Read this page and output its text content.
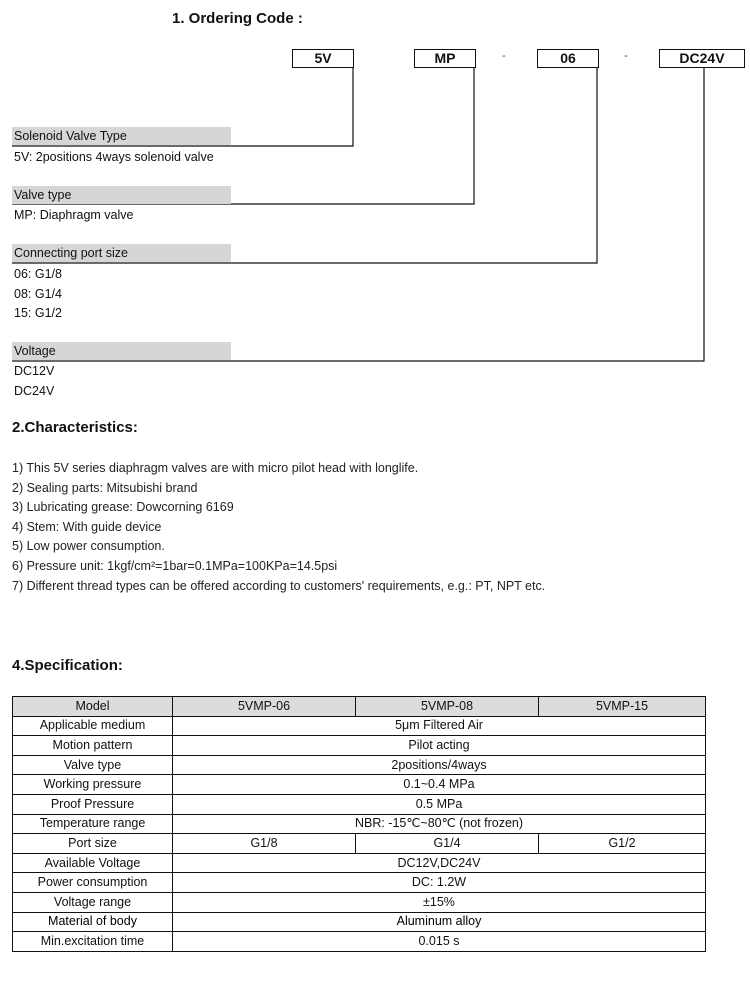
1. Ordering Code :
5V	MP	-	06	-	DC24V
Solenoid Valve Type
5V: 2positions 4ways solenoid valve
Valve type
MP: Diaphragm valve
Connecting port size
06: G1/8
08: G1/4
15: G1/2
Voltage
DC12V
DC24V
2.Characteristics:
1) This 5V series diaphragm valves are with micro pilot head with longlife.
2) Sealing parts: Mitsubishi brand
3) Lubricating grease: Dowcorning 6169
4) Stem: With guide device
5) Low power consumption.
6) Pressure unit: 1kgf/cm²=1bar=0.1MPa=100KPa=14.5psi
7) Different thread types can be offered according to customers' requirements, e.g.: PT, NPT etc.
4.Specification:
Model	5VMP-06	5VMP-08	5VMP-15
Applicable medium	5μm Filtered Air		
Motion pattern	Pilot acting		
Valve type	2positions/4ways		
Working pressure	0.1~0.4 MPa		
Proof Pressure	0.5 MPa		
Temperature range	NBR: -15℃~80℃ (not frozen)		
Port size	G1/8	G1/4	G1/2
Available Voltage	DC12V,DC24V		
Power consumption	DC: 1.2W		
Voltage range	±15%		
Material of body	Aluminum alloy		
Min.excitation time	0.015 s		
